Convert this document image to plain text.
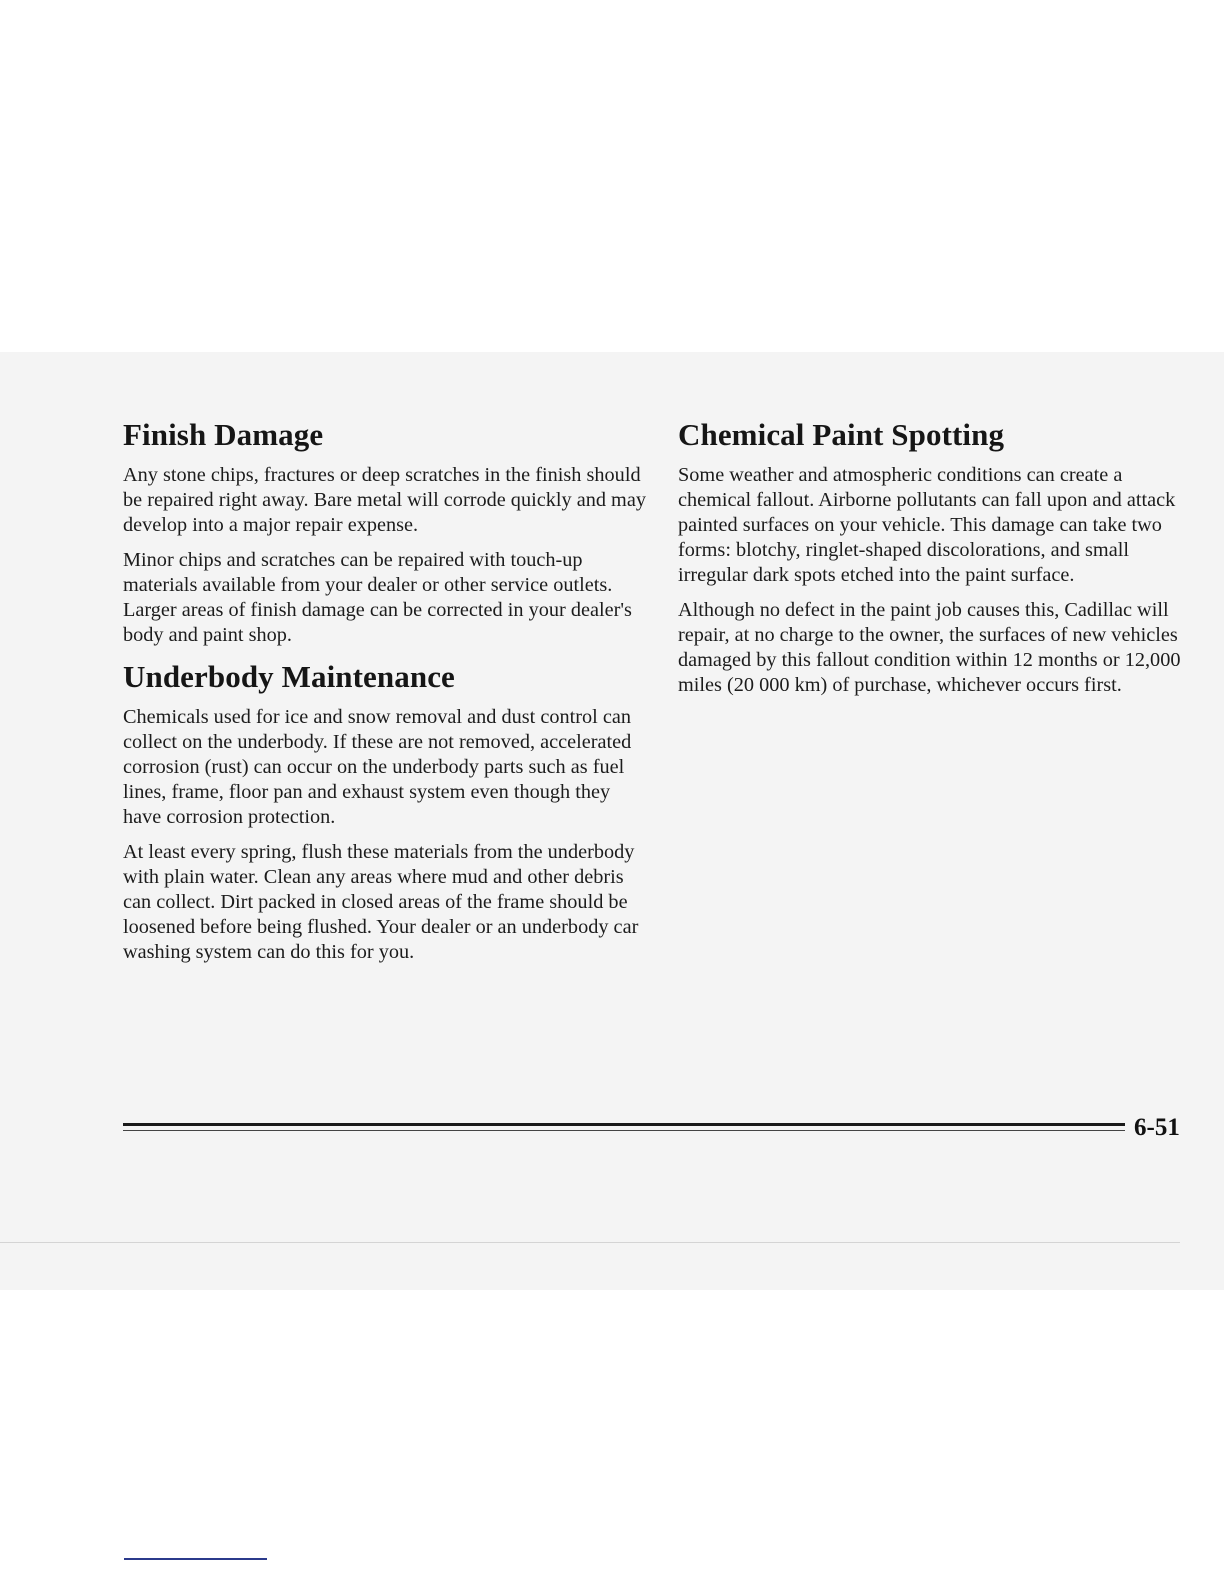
Finish Damage

Any stone chips, fractures or deep scratches in the finish should be repaired right away. Bare metal will corrode quickly and may develop into a major repair expense.

Minor chips and scratches can be repaired with touch-up materials available from your dealer or other service outlets. Larger areas of finish damage can be corrected in your dealer's body and paint shop.

Underbody Maintenance

Chemicals used for ice and snow removal and dust control can collect on the underbody. If these are not removed, accelerated corrosion (rust) can occur on the underbody parts such as fuel lines, frame, floor pan and exhaust system even though they have corrosion protection.

At least every spring, flush these materials from the underbody with plain water. Clean any areas where mud and other debris can collect. Dirt packed in closed areas of the frame should be loosened before being flushed. Your dealer or an underbody car washing system can do this for you.

Chemical Paint Spotting

Some weather and atmospheric conditions can create a chemical fallout. Airborne pollutants can fall upon and attack painted surfaces on your vehicle. This damage can take two forms: blotchy, ringlet-shaped discolorations, and small irregular dark spots etched into the paint surface.

Although no defect in the paint job causes this, Cadillac will repair, at no charge to the owner, the surfaces of new vehicles damaged by this fallout condition within 12 months or 12,000 miles (20 000 km) of purchase, whichever occurs first.

6-51
